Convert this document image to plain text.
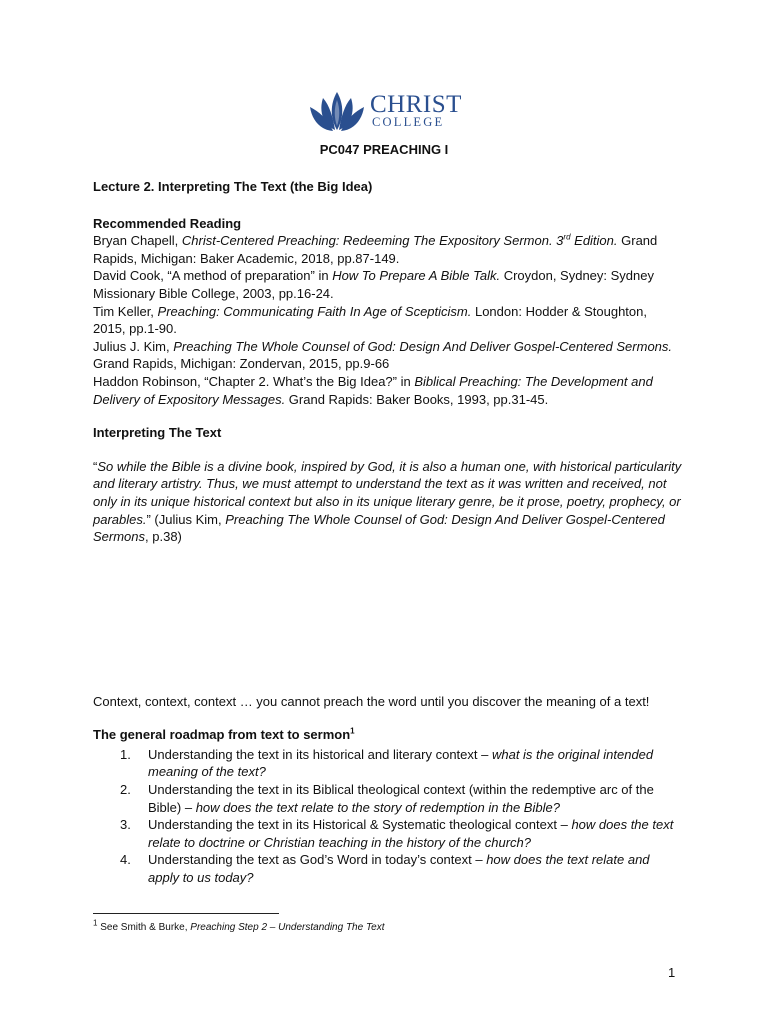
CHRIST
COLLEGE
PC047 PREACHING I

Lecture 2. Interpreting The Text (the Big Idea)

Recommended Reading

Bryan Chapell, Christ-Centered Preaching: Redeeming The Expository Sermon. 3rd Edition. Grand Rapids, Michigan: Baker Academic, 2018, pp.87-149.

David Cook, “A method of preparation” in How To Prepare A Bible Talk. Croydon, Sydney: Sydney Missionary Bible College, 2003, pp.16-24.

Tim Keller, Preaching: Communicating Faith In Age of Scepticism. London: Hodder & Stoughton, 2015, pp.1-90.

Julius J. Kim, Preaching The Whole Counsel of God: Design And Deliver Gospel-Centered Sermons. Grand Rapids, Michigan: Zondervan, 2015, pp.9-66

Haddon Robinson, “Chapter 2. What’s the Big Idea?” in Biblical Preaching: The Development and Delivery of Expository Messages. Grand Rapids: Baker Books, 1993, pp.31-45.

Interpreting The Text

“So while the Bible is a divine book, inspired by God, it is also a human one, with historical particularity and literary artistry. Thus, we must attempt to understand the text as it was written and received, not only in its unique historical context but also in its unique literary genre, be it prose, poetry, prophecy, or parables.” (Julius Kim, Preaching The Whole Counsel of God: Design And Deliver Gospel-Centered Sermons, p.38)

Context, context, context … you cannot preach the word until you discover the meaning of a text!

The general roadmap from text to sermon$^1$

1. Understanding the text in its historical and literary context – what is the original intended meaning of the text?
2. Understanding the text in its Biblical theological context (within the redemptive arc of the Bible) – how does the text relate to the story of redemption in the Bible?
3. Understanding the text in its Historical & Systematic theological context – how does the text relate to doctrine or Christian teaching in the history of the church?
4. Understanding the text as God’s Word in today’s context – how does the text relate and apply to us today?
$^1$ See Smith & Burke, Preaching Step 2 – Understanding The Text
1
